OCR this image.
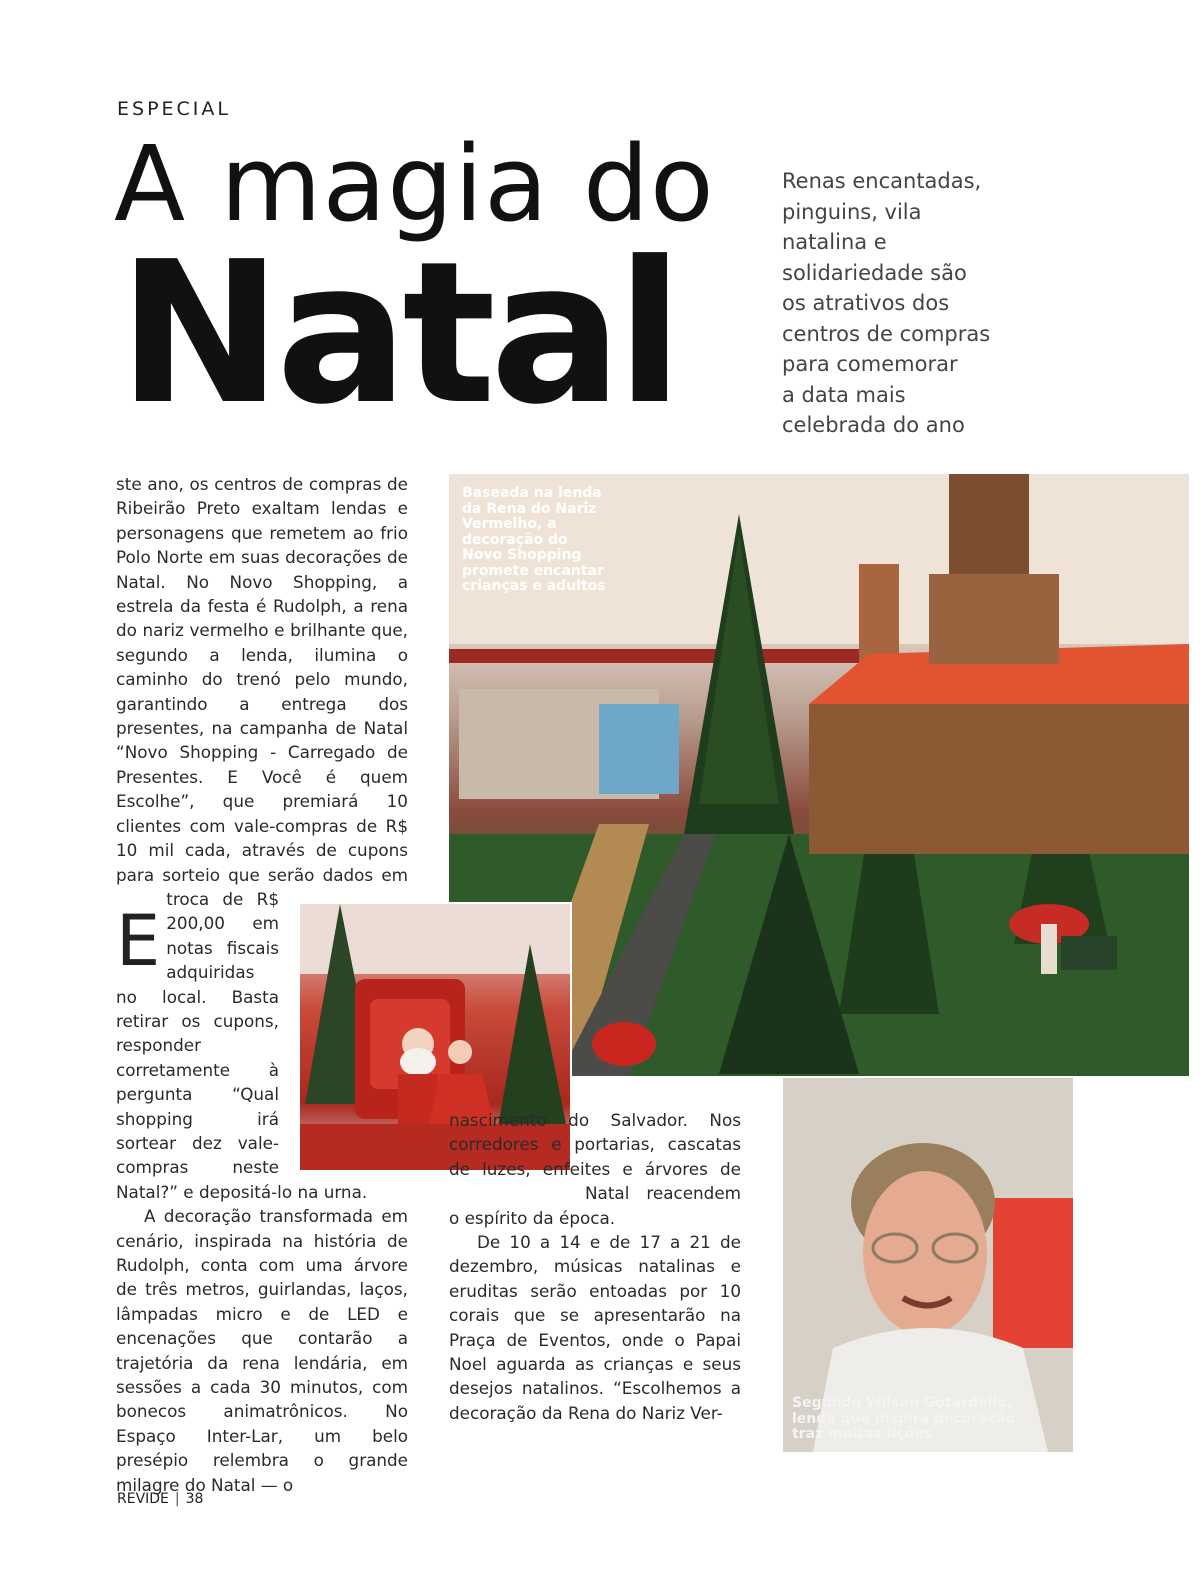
ESPECIAL
A magia do
Natal

Renas encantadas,
pinguins, vila
natalina e
solidariedade são
os atrativos dos
centros de compras
para comemorar
a data mais
celebrada do ano

Baseada na lenda da Rena do Nariz Vermelho, a decoração do Novo Shopping promete encantar crianças e adultos
Segundo Wilson Gotardello, lenda que inspira decoração traz muitas lições

E
ste ano, os centros de compras de Ribeirão Preto exaltam lendas e personagens que remetem ao frio Polo Norte em suas decorações de Natal. No Novo Shopping, a estrela da festa é Rudolph, a rena do nariz vermelho e brilhante que, segundo a lenda, ilumina o caminho do trenó pelo mundo, garantindo a entrega dos presentes, na campanha de Natal “Novo Shopping - Carregado de Presentes. E Você é quem Escolhe”, que premiará 10 clientes com vale-compras de R$ 10 mil cada, através de cupons para sorteio que serão dados em troca de R$ 200,00 em notas fiscais adquiridas no local. Basta retirar os cupons, responder corretamente à pergunta “Qual shopping irá sortear dez vale-compras neste Natal?” e depositá-lo na urna.

A decoração transformada em cenário, inspirada na história de Rudolph, conta com uma árvore de três metros, guirlandas, laços, lâmpadas micro e de LED e encenações que contarão a trajetória da rena lendária, em sessões a cada 30 minutos, com bonecos animatrônicos. No Espaço Inter-Lar, um belo presépio relembra o grande milagre do Natal — o

nascimento do Salvador. Nos corredores e portarias, cascatas de luzes, enfeites e árvores de Natal reacendem o espírito da época.

De 10 a 14 e de 17 a 21 de dezembro, músicas natalinas e eruditas serão entoadas por 10 corais que se apresentarão na Praça de Eventos, onde o Papai Noel aguarda as crianças e seus desejos natalinos. “Escolhemos a decoração da Rena do Nariz Ver-

REVIDE | 38
